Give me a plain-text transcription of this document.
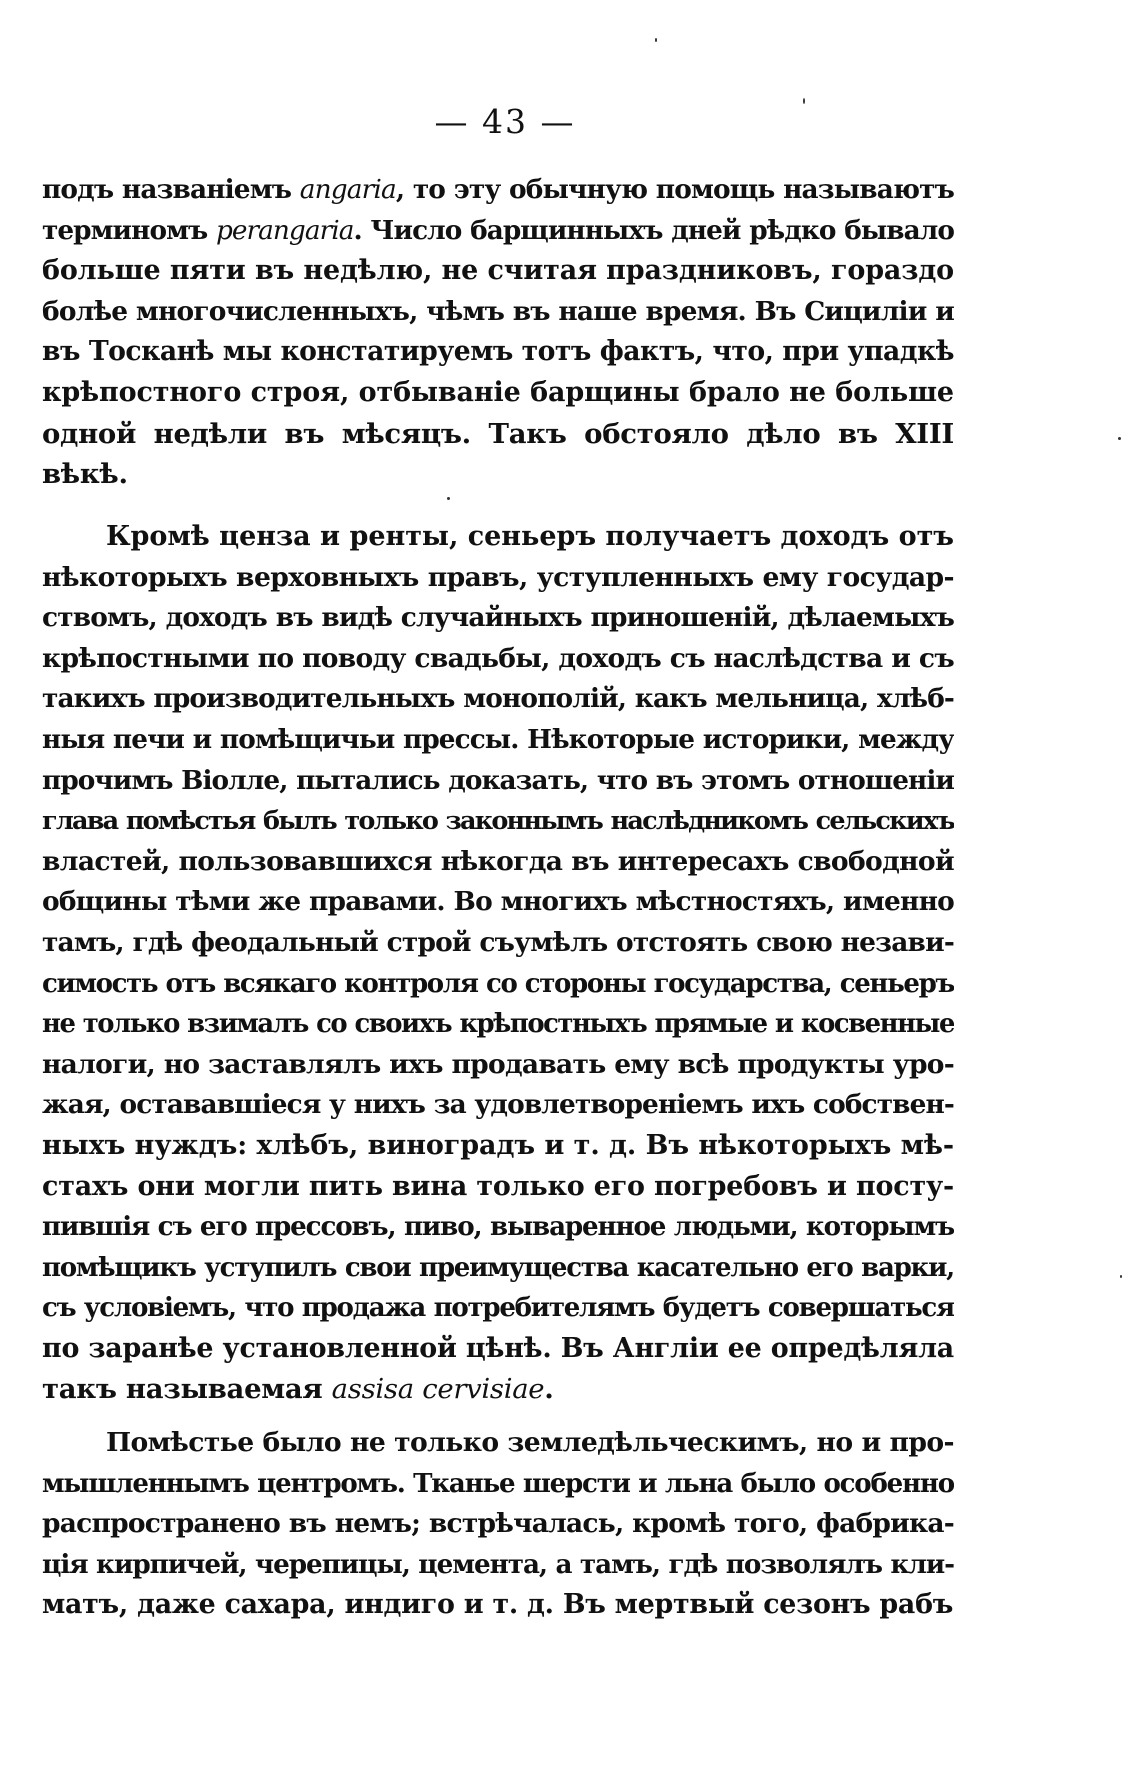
— 43 —
подъ названіемъ angaria, то эту обычную помощь называютъ
терминомъ perangaria. Число барщинныхъ дней рѣдко бывало
больше пяти въ недѣлю, не считая праздниковъ, гораздо
болѣе многочисленныхъ, чѣмъ въ наше время. Въ Сициліи и
въ Тосканѣ мы констатируемъ тотъ фактъ, что, при упадкѣ
крѣпостного строя, отбываніе барщины брало не больше
одной недѣли въ мѣсяцъ. Такъ обстояло дѣло въ XIII
вѣкѣ.
Кромѣ ценза и ренты, сеньеръ получаетъ доходъ отъ
нѣкоторыхъ верховныхъ правъ, уступленныхъ ему государ-
ствомъ, доходъ въ видѣ случайныхъ приношеній, дѣлаемыхъ
крѣпостными по поводу свадьбы, доходъ съ наслѣдства и съ
такихъ производительныхъ монополій, какъ мельница, хлѣб-
ныя печи и помѣщичьи прессы. Нѣкоторые историки, между
прочимъ Віолле, пытались доказать, что въ этомъ отношеніи
глава помѣстья былъ только законнымъ наслѣдникомъ сельскихъ
властей, пользовавшихся нѣкогда въ интересахъ свободной
общины тѣми же правами. Во многихъ мѣстностяхъ, именно
тамъ, гдѣ феодальный строй съумѣлъ отстоять свою незави-
симость отъ всякаго контроля со стороны государства, сеньеръ
не только взималъ со своихъ крѣпостныхъ прямые и косвенные
налоги, но заставлялъ ихъ продавать ему всѣ продукты уро-
жая, остававшіеся у нихъ за удовлетвореніемъ ихъ собствен-
ныхъ нуждъ: хлѣбъ, виноградъ и т. д. Въ нѣкоторыхъ мѣ-
стахъ они могли пить вина только его погребовъ и посту-
пившія съ его прессовъ, пиво, вываренное людьми, которымъ
помѣщикъ уступилъ свои преимущества касательно его варки,
съ условіемъ, что продажа потребителямъ будетъ совершаться
по заранѣе установленной цѣнѣ. Въ Англіи ее опредѣляла
такъ называемая assisa cervisiae.
Помѣстье было не только земледѣльческимъ, но и про-
мышленнымъ центромъ. Тканье шерсти и льна было особенно
распространено въ немъ; встрѣчалась, кромѣ того, фабрика-
ція кирпичей, черепицы, цемента, а тамъ, гдѣ позволялъ кли-
матъ, даже сахара, индиго и т. д. Въ мертвый сезонъ рабъ
